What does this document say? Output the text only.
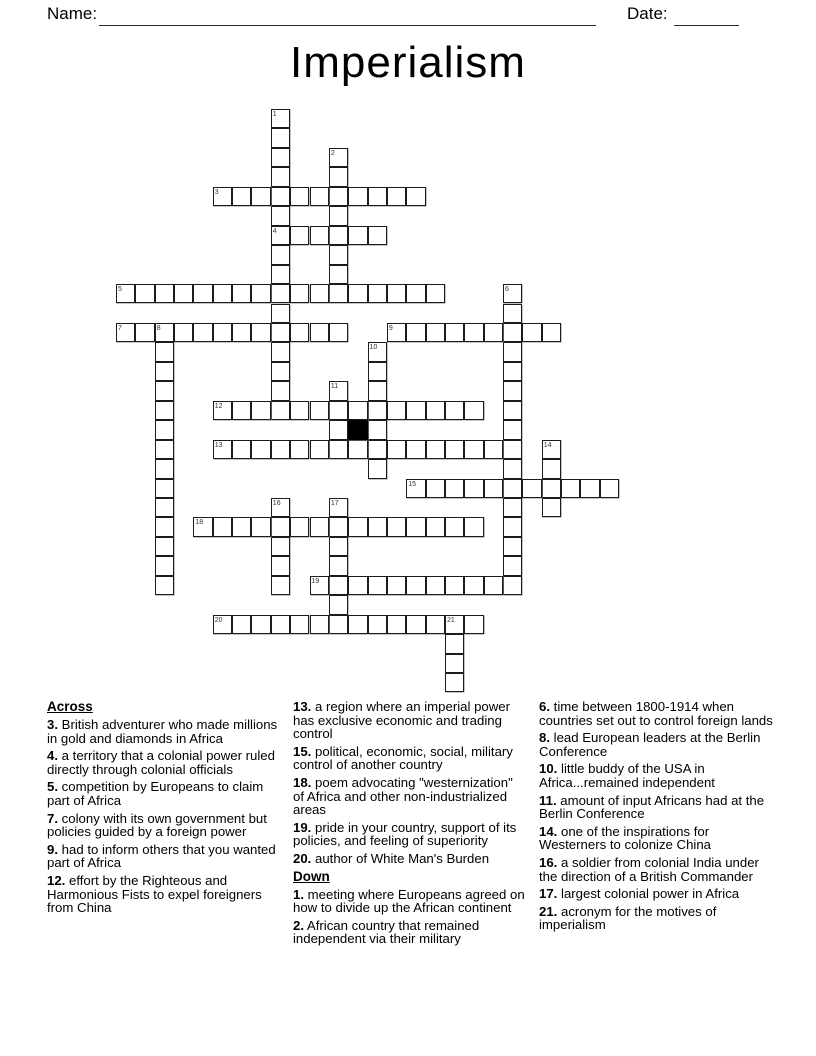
Name:	Date:
Imperialism
1
2
3
4
5	6
7	8	9
10
11
12
13	14
15
16	17
18
19
20	21
Across
3. British adventurer who made millions in gold and diamonds in Africa
4. a territory that a colonial power ruled directly through colonial officials
5. competition by Europeans to claim part of Africa
7. colony with its own government but policies guided by a foreign power
9. had to inform others that you wanted part of Africa
12. effort by the Righteous and Harmonious Fists to expel foreigners from China
13. a region where an imperial power has exclusive economic and trading control
15. political, economic, social, military control of another country
18. poem advocating "westernization" of Africa and other non-industrialized areas
19. pride in your country, support of its policies, and feeling of superiority
20. author of White Man's Burden
Down
1. meeting where Europeans agreed on how to divide up the African continent
2. African country that remained independent via their military
6. time between 1800-1914 when countries set out to control foreign lands
8. lead European leaders at the Berlin Conference
10. little buddy of the USA in Africa...remained independent
11. amount of input Africans had at the Berlin Conference
14. one of the inspirations for Westerners to colonize China
16. a soldier from colonial India under the direction of a British Commander
17. largest colonial power in Africa
21. acronym for the motives of imperialism
